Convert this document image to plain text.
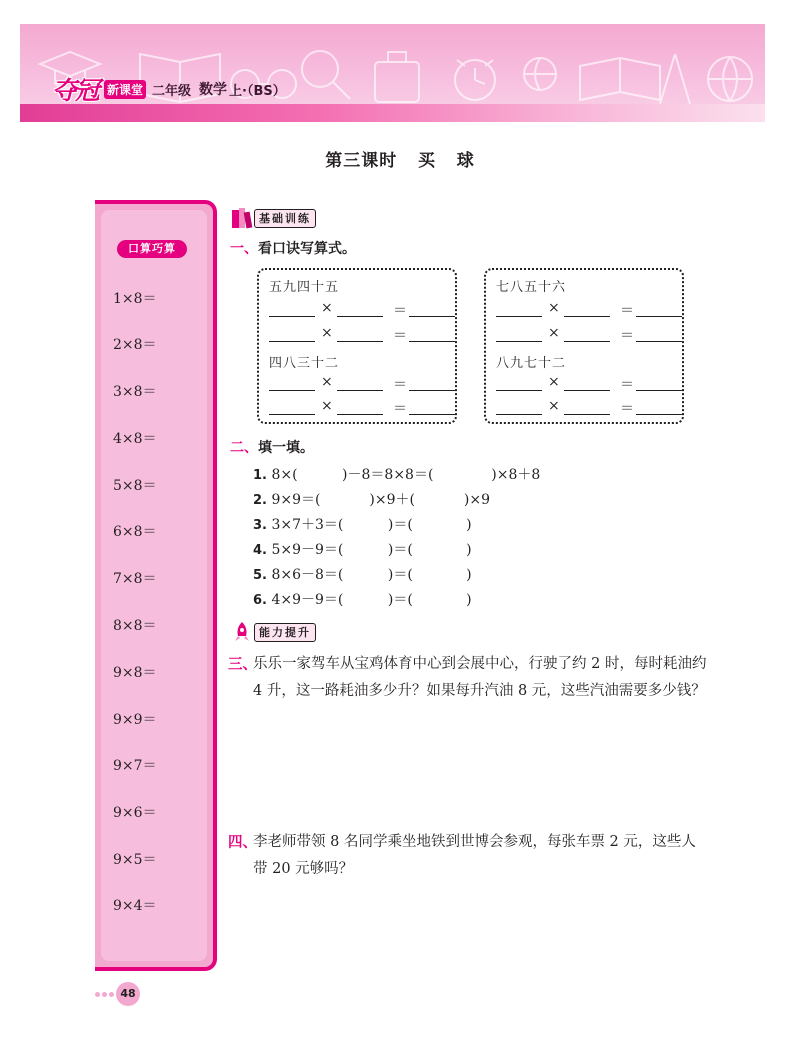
夺冠 新课堂 二年级 数学 上·（BS）
第三课时   买   球
口算巧算
1×8＝
2×8＝
3×8＝
4×8＝
5×8＝
6×8＝
7×8＝
8×8＝
9×8＝
9×9＝
9×7＝
9×6＝
9×5＝
9×4＝
基础训练
一、看口诀写算式。
五九四十五
×	＝
×	＝
四八三十二
×	＝
×	＝
七八五十六
×	＝
×	＝
八九七十二
×	＝
×	＝
二、填一填。
1. 8×(          )－8＝8×8＝(             )×8＋8
2. 9×9＝(           )×9＋(           )×9
3. 3×7＋3＝(          )＝(            )
4. 5×9－9＝(          )＝(            )
5. 8×6－8＝(          )＝(            )
6. 4×9－9＝(          )＝(            )
能力提升
三、
乐乐一家驾车从宝鸡体育中心到会展中心，行驶了约 2 时，每时耗油约 4 升，这一路耗油多少升？如果每升汽油 8 元，这些汽油需要多少钱？
四、
李老师带领 8 名同学乘坐地铁到世博会参观，每张车票 2 元，这些人带 20 元够吗？
48
